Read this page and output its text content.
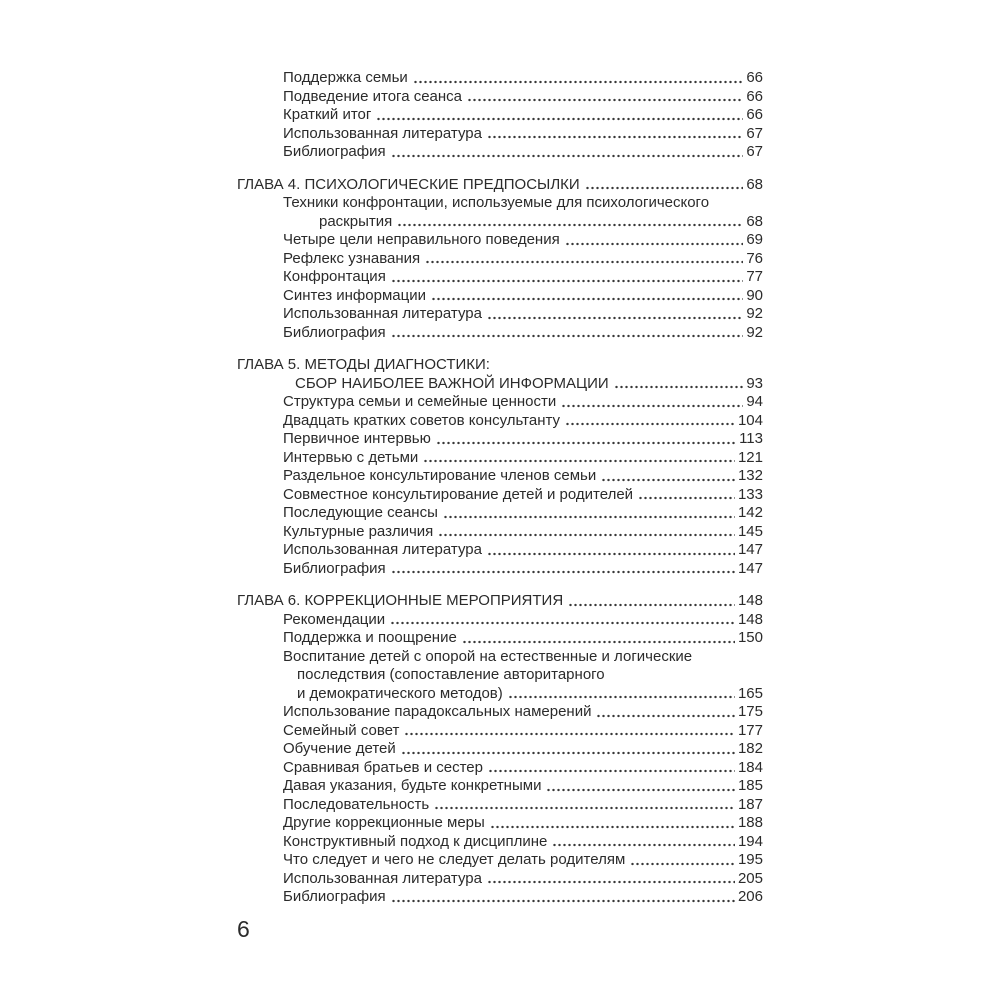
Поддержка семьи	66
Подведение итога сеанса	66
Краткий итог	66
Использованная литература	67
Библиография	67
ГЛАВА 4. ПСИХОЛОГИЧЕСКИЕ ПРЕДПОСЫЛКИ	68
Техники конфронтации, используемые для психологического
раскрытия	68
Четыре цели неправильного поведения	69
Рефлекс узнавания	76
Конфронтация	77
Синтез информации	90
Использованная литература	92
Библиография	92
ГЛАВА 5. МЕТОДЫ ДИАГНОСТИКИ:
СБОР НАИБОЛЕЕ ВАЖНОЙ ИНФОРМАЦИИ	93
Структура семьи и семейные ценности	94
Двадцать кратких советов консультанту	104
Первичное интервью	113
Интервью с детьми	121
Раздельное консультирование членов семьи	132
Совместное консультирование детей и родителей	133
Последующие сеансы	142
Культурные различия	145
Использованная литература	147
Библиография	147
ГЛАВА 6. КОРРЕКЦИОННЫЕ МЕРОПРИЯТИЯ	148
Рекомендации	148
Поддержка и поощрение	150
Воспитание детей с опорой на естественные и логические
последствия (сопоставление авторитарного
и демократического методов)	165
Использование парадоксальных намерений	175
Семейный совет	177
Обучение детей	182
Сравнивая братьев и сестер	184
Давая указания, будьте конкретными	185
Последовательность	187
Другие коррекционные меры	188
Конструктивный подход к дисциплине	194
Что следует и чего не следует делать родителям	195
Использованная литература	205
Библиография	206
6
